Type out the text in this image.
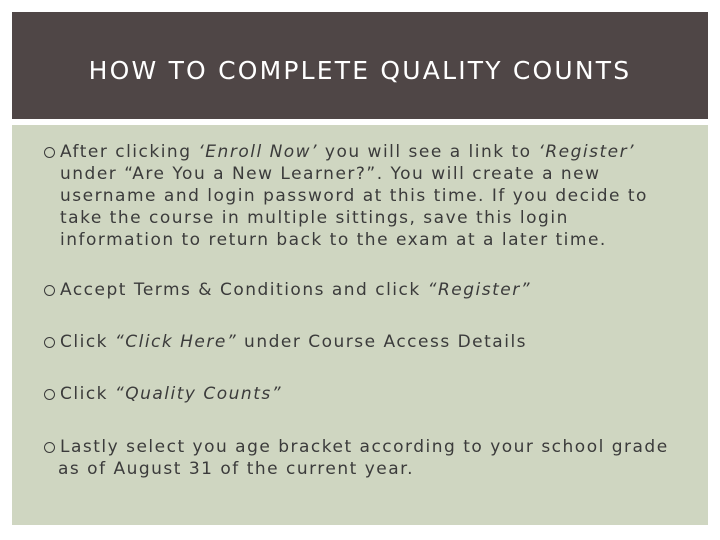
HOW TO COMPLETE QUALITY COUNTS
After clicking ‘Enroll Now’ you will see a link to ‘Register’
under “Are You a New Learner?”. You will create a new
username and login password at this time. If you decide to
take the course in multiple sittings, save this login
information to return back to the exam at a later time.
Accept Terms & Conditions and click “Register”
Click “Click Here” under Course Access Details
Click “Quality Counts”
Lastly select you age bracket according to your school grade
as of August 31 of the current year.
